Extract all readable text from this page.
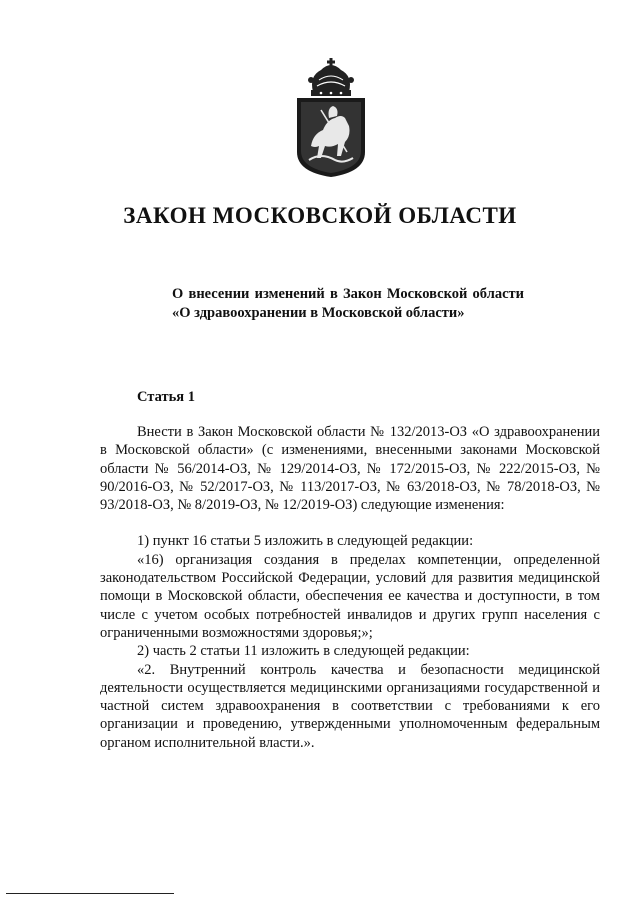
ЗАКОН МОСКОВСКОЙ ОБЛАСТИ
О внесении изменений в Закон Московской области «О здравоохранении в Московской области»
Статья 1

Внести в Закон Московской области № 132/2013-ОЗ «О здравоохранении в Московской области» (с изменениями, внесенными законами Московской области № 56/2014-ОЗ, № 129/2014-ОЗ, № 172/2015-ОЗ, № 222/2015-ОЗ, № 90/2016-ОЗ, № 52/2017-ОЗ, № 113/2017-ОЗ, № 63/2018-ОЗ, № 78/2018-ОЗ, № 93/2018-ОЗ, № 8/2019-ОЗ, № 12/2019-ОЗ) следующие изменения:

1) пункт 16 статьи 5 изложить в следующей редакции:

«16) организация создания в пределах компетенции, определенной законодательством Российской Федерации, условий для развития медицинской помощи в Московской области, обеспечения ее качества и доступности, в том числе с учетом особых потребностей инвалидов и других групп населения с ограниченными возможностями здоровья;»;

2) часть 2 статьи 11 изложить в следующей редакции:

«2. Внутренний контроль качества и безопасности медицинской деятельности осуществляется медицинскими организациями государственной и частной систем здравоохранения в соответствии с требованиями к его организации и проведению, утвержденными уполномоченным федеральным органом исполнительной власти.».
